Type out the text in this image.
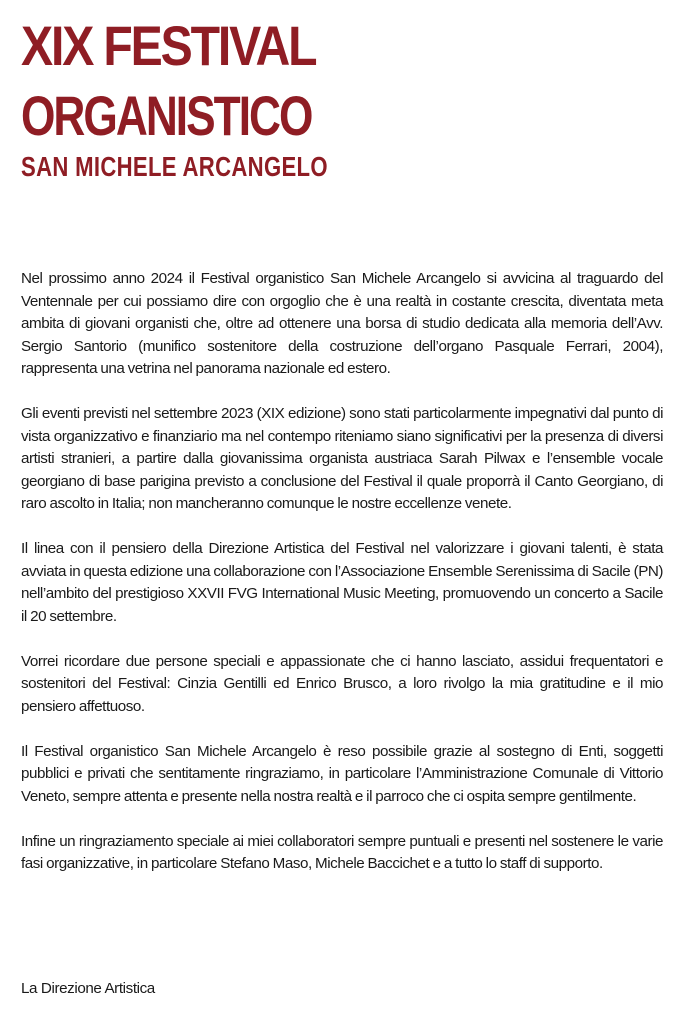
XIX FESTIVAL
ORGANISTICO
SAN MICHELE ARCANGELO

Nel prossimo anno 2024 il Festival organistico San Michele Arcangelo si avvicina al traguardo del Ventennale per cui possiamo dire con orgoglio che è una realtà in costante crescita, diventata meta ambita di giovani organisti che, oltre ad ottenere una borsa di studio dedicata alla memoria dell’Avv. Sergio Santorio (munifico sostenitore della costruzione dell’organo Pasquale Ferrari, 2004), rappresenta una vetrina nel panorama nazionale ed estero.

Gli eventi previsti nel settembre 2023 (XIX edizione) sono stati particolarmente impegnativi dal punto di vista organizzativo e finanziario ma nel contempo riteniamo siano significativi per la presenza di diversi artisti stranieri, a partire dalla giovanissima organista austriaca Sarah Pilwax e l’ensemble vocale georgiano di base parigina previsto a conclusione del Festival il quale proporrà il Canto Georgiano, di raro ascolto in Italia; non mancheranno comunque le nostre eccellenze venete.

Il linea con il pensiero della Direzione Artistica del Festival nel valorizzare i giovani talenti, è stata avviata in questa edizione una collaborazione con l’Associazione Ensemble Serenissima di Sacile (PN) nell’ambito del prestigioso XXVII FVG International Music Meeting, promuovendo un concerto a Sacile il 20 settembre.

Vorrei ricordare due persone speciali e appassionate che ci hanno lasciato, assidui frequentatori e sostenitori del Festival: Cinzia Gentilli ed Enrico Brusco, a loro rivolgo la mia gratitudine e il mio pensiero affettuoso.

Il Festival organistico San Michele Arcangelo è reso possibile grazie al sostegno di Enti, soggetti pubblici e privati che sentitamente ringraziamo, in particolare l’Amministrazione Comunale di Vittorio Veneto, sempre attenta e presente nella nostra realtà e il parroco che ci ospita sempre gentilmente.

Infine un ringraziamento speciale ai miei collaboratori sempre puntuali e presenti nel sostenere le varie fasi organizzative, in particolare Stefano Maso, Michele Baccichet e a tutto lo staff di supporto.

La Direzione Artistica
